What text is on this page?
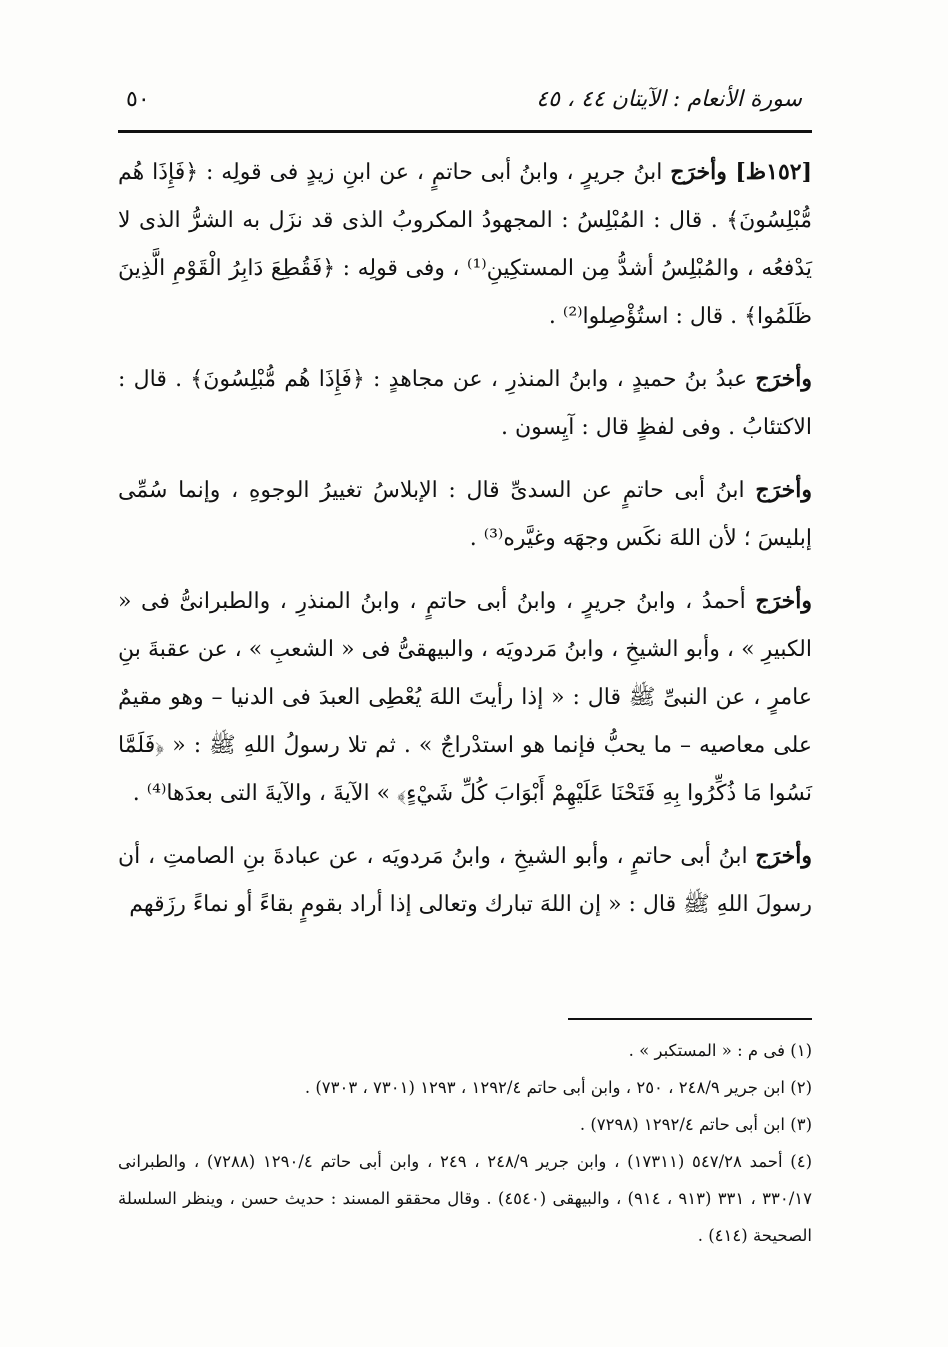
سورة الأنعام : الآيتان ٤٤ ، ٤٥
٥٠

[١٥٢ظ] وأخرَج ابنُ جريرٍ ، وابنُ أبى حاتمٍ ، عن ابنِ زيدٍ فى قولِه : ﴿فَإِذَا هُم مُّبْلِسُونَ﴾ . قال : المُبْلِسُ : المجهودُ المكروبُ الذى قد نزَل به الشرُّ الذى لا يَدْفعُه ، والمُبْلِسُ أشدُّ مِن المستكِينِ⁽¹⁾ ، وفى قولِه : ﴿فَقُطِعَ دَابِرُ الْقَوْمِ الَّذِينَ ظَلَمُوا﴾ . قال : استُؤْصِلوا⁽²⁾ .

وأخرَج عبدُ بنُ حميدٍ ، وابنُ المنذرِ ، عن مجاهدٍ : ﴿فَإِذَا هُم مُّبْلِسُونَ﴾ . قال : الاكتئابُ . وفى لفظٍ قال : آيِسون .

وأخرَج ابنُ أبى حاتمٍ عن السدىِّ قال : الإبلاسُ تغييرُ الوجوهِ ، وإنما سُمِّى إبليسَ ؛ لأن اللهَ نكَس وجهَه وغيَّره⁽³⁾ .

وأخرَج أحمدُ ، وابنُ جريرٍ ، وابنُ أبى حاتمٍ ، وابنُ المنذرِ ، والطبرانىُّ فى « الكبيرِ » ، وأبو الشيخِ ، وابنُ مَردويَه ، والبيهقىُّ فى « الشعبِ » ، عن عقبةَ بنِ عامرٍ ، عن النبىِّ ﷺ قال : « إذا رأيتَ اللهَ يُعْطِى العبدَ فى الدنيا – وهو مقيمٌ على معاصيه – ما يحبُّ فإنما هو استدْراجٌ » . ثم تلا رسولُ اللهِ ﷺ : « ﴿فَلَمَّا نَسُوا مَا ذُكِّرُوا بِهِ فَتَحْنَا عَلَيْهِمْ أَبْوَابَ كُلِّ شَيْءٍ﴾ » الآيةَ ، والآيةَ التى بعدَها⁽⁴⁾ .

وأخرَج ابنُ أبى حاتمٍ ، وأبو الشيخِ ، وابنُ مَردويَه ، عن عبادةَ بنِ الصامتِ ، أن رسولَ اللهِ ﷺ قال : « إن اللهَ تبارك وتعالى إذا أراد بقومٍ بقاءً أو نماءً رزَقهم

(١) فى م : « المستكبر » .
(٢) ابن جرير ٢٤٨/٩ ، ٢٥٠ ، وابن أبى حاتم ١٢٩٢/٤ ، ١٢٩٣ (٧٣٠١ ، ٧٣٠٣) .
(٣) ابن أبى حاتم ١٢٩٢/٤ (٧٢٩٨) .
(٤) أحمد ٥٤٧/٢٨ (١٧٣١١) ، وابن جرير ٢٤٨/٩ ، ٢٤٩ ، وابن أبى حاتم ١٢٩٠/٤ (٧٢٨٨) ، والطبرانى ٣٣٠/١٧ ، ٣٣١ (٩١٣ ، ٩١٤) ، والبيهقى (٤٥٤٠) . وقال محققو المسند : حديث حسن ، وينظر السلسلة الصحيحة (٤١٤) .
